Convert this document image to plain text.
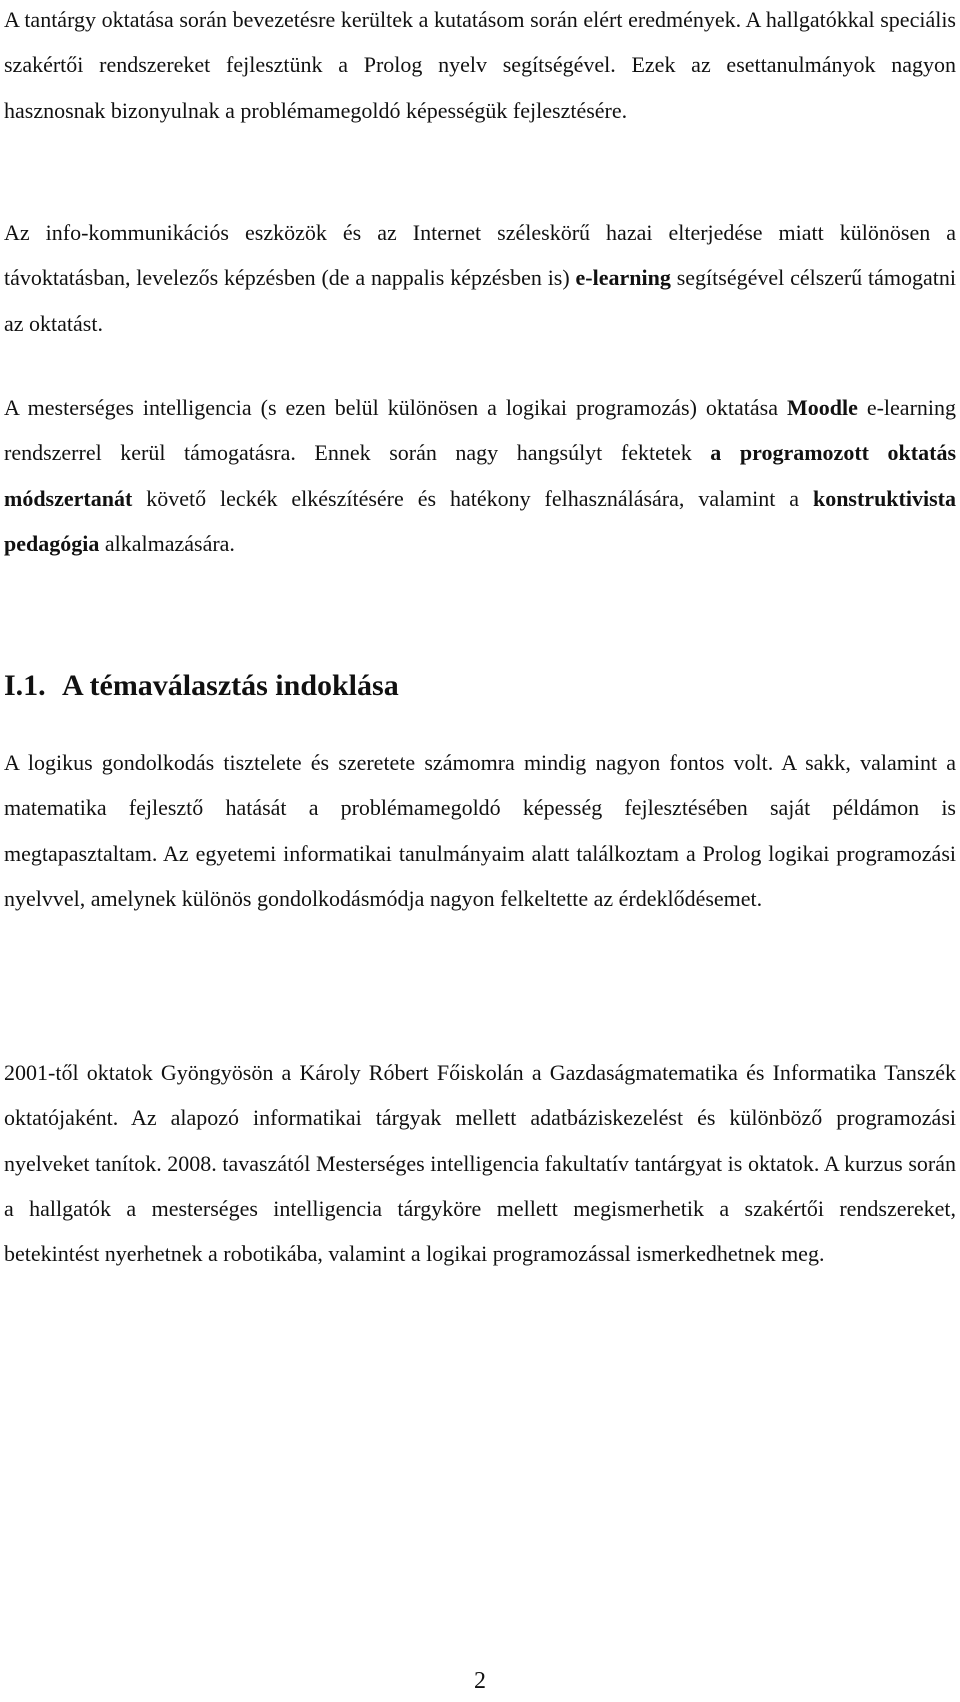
A tantárgy oktatása során bevezetésre kerültek a kutatásom során elért eredmények. A hallgatókkal speciális szakértői rendszereket fejlesztünk a Prolog nyelv segítségével. Ezek az esettanulmányok nagyon hasznosnak bizonyulnak a problémamegoldó képességük fejlesztésére.

Az info-kommunikációs eszközök és az Internet széleskörű hazai elterjedése miatt különösen a távoktatásban, levelezős képzésben (de a nappalis képzésben is) e-learning segítségével célszerű támogatni az oktatást.

A mesterséges intelligencia (s ezen belül különösen a logikai programozás) oktatása Moodle e-learning rendszerrel kerül támogatásra. Ennek során nagy hangsúlyt fektetek a programozott oktatás módszertanát követő leckék elkészítésére és hatékony felhasználására, valamint a konstruktivista pedagógia alkalmazására.

I.1. A témaválasztás indoklása

A logikus gondolkodás tisztelete és szeretete számomra mindig nagyon fontos volt. A sakk, valamint a matematika fejlesztő hatását a problémamegoldó képesség fejlesztésében saját példámon is megtapasztaltam. Az egyetemi informatikai tanulmányaim alatt találkoztam a Prolog logikai programozási nyelvvel, amelynek különös gondolkodásmódja nagyon felkeltette az érdeklődésemet.

2001-től oktatok Gyöngyösön a Károly Róbert Főiskolán a Gazdaságmatematika és Informatika Tanszék oktatójaként. Az alapozó informatikai tárgyak mellett adatbáziskezelést és különböző programozási nyelveket tanítok. 2008. tavaszától Mesterséges intelligencia fakultatív tantárgyat is oktatok. A kurzus során a hallgatók a mesterséges intelligencia tárgyköre mellett megismerhetik a szakértői rendszereket, betekintést nyerhetnek a robotikába, valamint a logikai programozással ismerkedhetnek meg.

2
